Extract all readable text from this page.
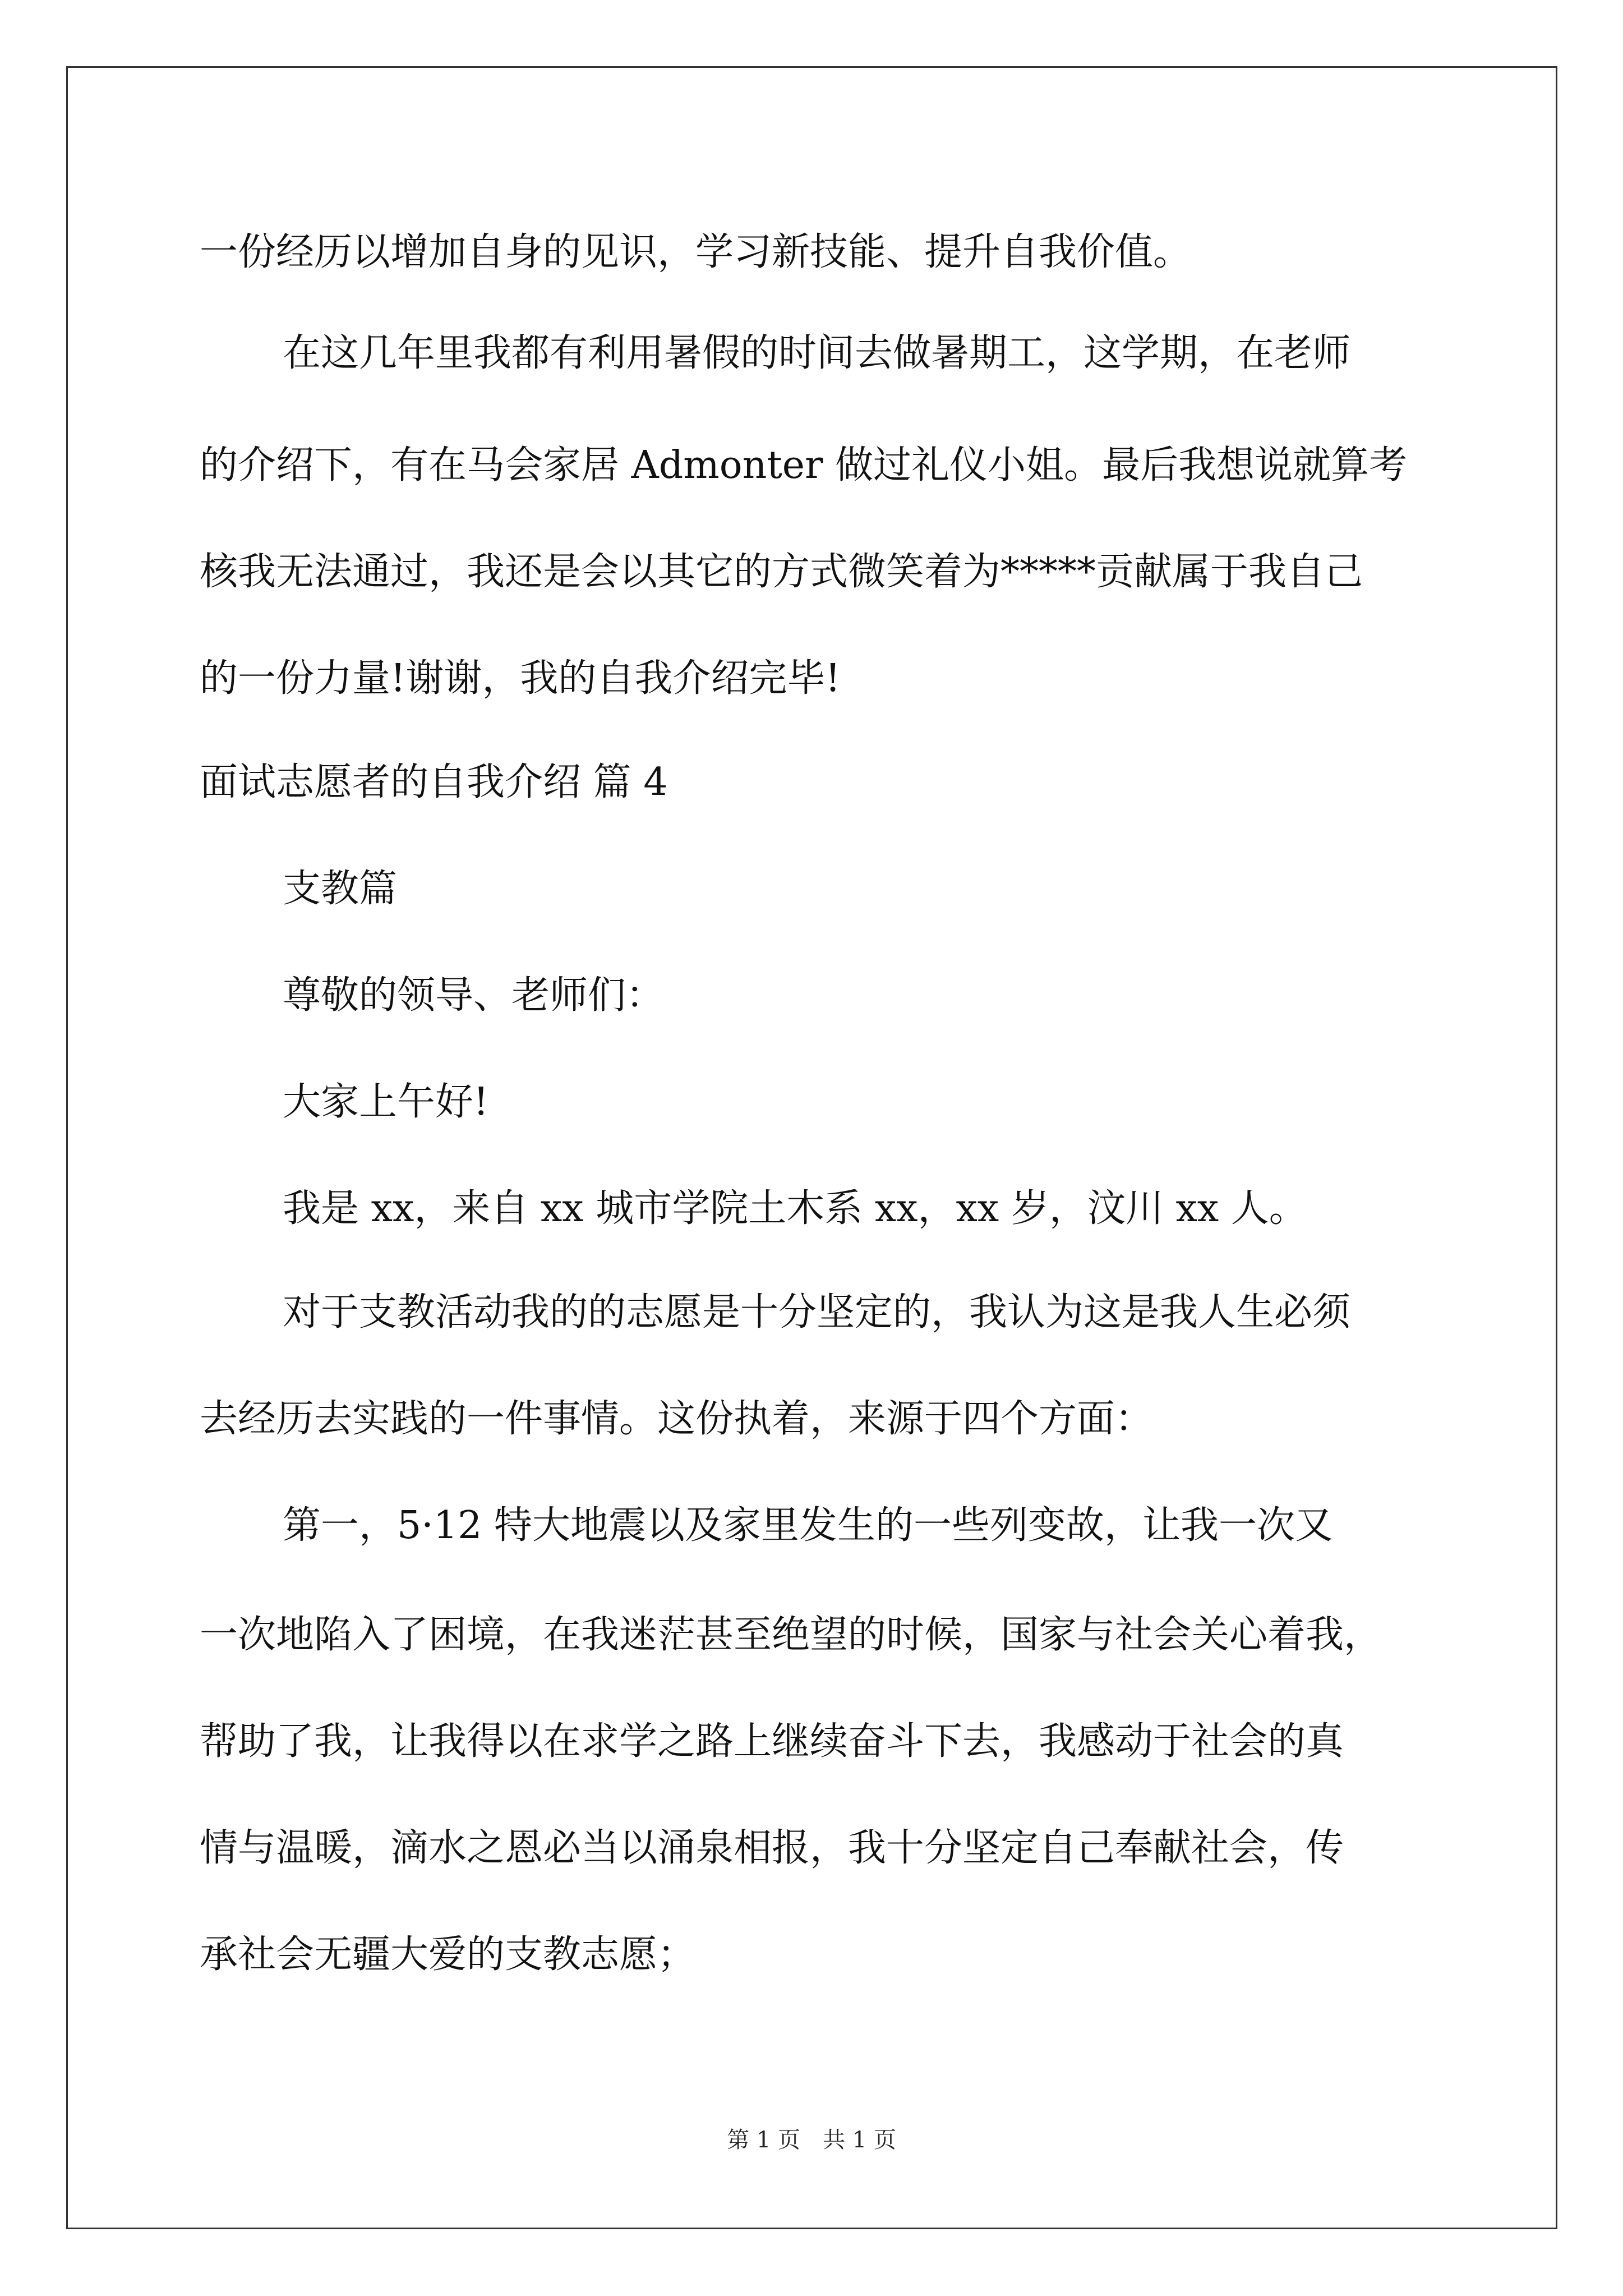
一份经历以增加自身的见识，学习新技能、提升自我价值。
在这几年里我都有利用暑假的时间去做暑期工，这学期，在老师
的介绍下，有在马会家居 Admonter 做过礼仪小姐。最后我想说就算考
核我无法通过，我还是会以其它的方式微笑着为*****贡献属于我自己
的一份力量!谢谢，我的自我介绍完毕!
面试志愿者的自我介绍 篇 4
支教篇
尊敬的领导、老师们：
大家上午好!
我是 xx，来自 xx 城市学院土木系 xx，xx 岁，汶川 xx 人。
对于支教活动我的的志愿是十分坚定的，我认为这是我人生必须
去经历去实践的一件事情。这份执着，来源于四个方面：
第一，5·12 特大地震以及家里发生的一些列变故，让我一次又
一次地陷入了困境，在我迷茫甚至绝望的时候，国家与社会关心着我，
帮助了我，让我得以在求学之路上继续奋斗下去，我感动于社会的真
情与温暖，滴水之恩必当以涌泉相报，我十分坚定自己奉献社会，传
承社会无疆大爱的支教志愿；
第 1 页　共 1 页
